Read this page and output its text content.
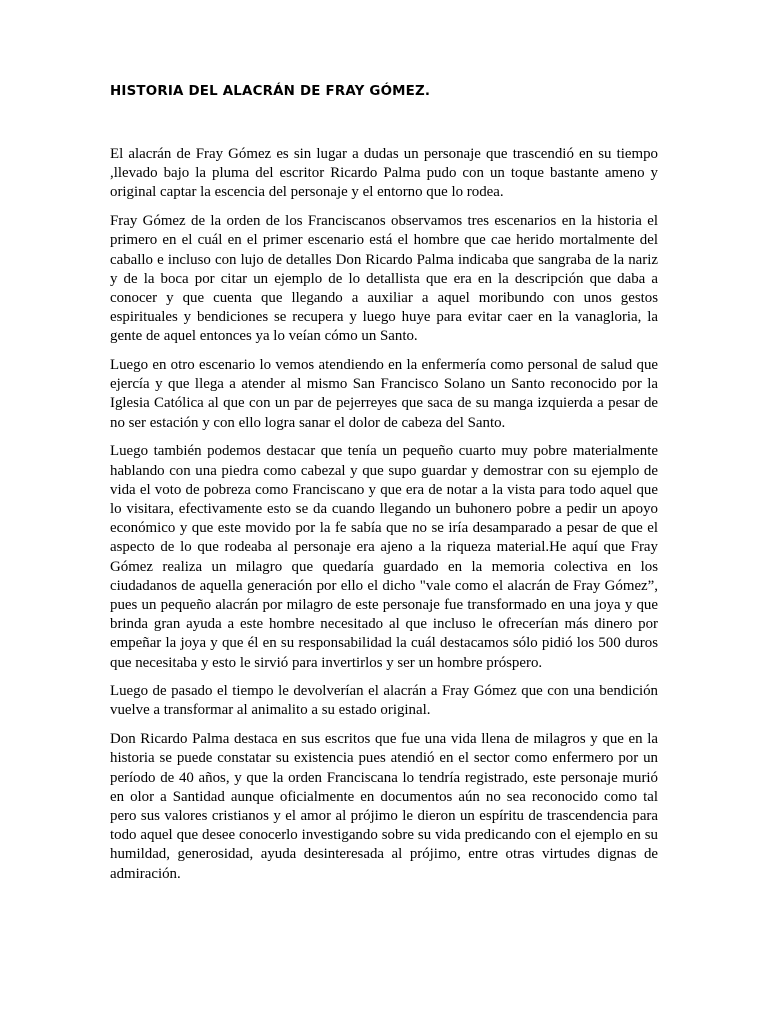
HISTORIA DEL ALACRÁN DE FRAY GÓMEZ.

El alacrán de Fray Gómez es sin lugar a dudas un personaje que trascendió en su tiempo ,llevado bajo la pluma del escritor Ricardo Palma pudo con un toque bastante ameno y original captar la escencia del personaje y el entorno que lo rodea.

Fray Gómez de la orden de los Franciscanos observamos tres escenarios en la historia el primero en el cuál en el primer escenario está el hombre que cae herido mortalmente del caballo e incluso con lujo de detalles Don Ricardo Palma indicaba que sangraba de la nariz y de la boca por citar un ejemplo de lo detallista que era en la descripción que daba a conocer y que cuenta que llegando a auxiliar a aquel moribundo con unos gestos espirituales y bendiciones se recupera y luego huye para evitar caer en la vanagloria, la gente de aquel entonces ya lo veían cómo un Santo.

Luego en otro escenario lo vemos atendiendo en la enfermería como personal de salud que ejercía y que llega a atender al mismo San Francisco Solano un Santo reconocido por la Iglesia Católica al que con un par de pejerreyes que saca de su manga izquierda a pesar de no ser estación y con ello logra sanar el dolor de cabeza del Santo.

Luego también podemos destacar que tenía un pequeño cuarto muy pobre materialmente hablando con una piedra como cabezal y que supo guardar y demostrar con su ejemplo de vida el voto de pobreza como Franciscano y que era de notar a la vista para todo aquel que lo visitara, efectivamente esto se da cuando llegando un buhonero pobre a pedir un apoyo económico y que este movido por la fe sabía que no se iría desamparado a pesar de que el aspecto de lo que rodeaba al personaje era ajeno a la riqueza material.He aquí que Fray Gómez realiza un milagro que quedaría guardado en la memoria colectiva en los ciudadanos de aquella generación por ello el dicho "vale como el alacrán de Fray Gómez”, pues un pequeño alacrán por milagro de este personaje fue transformado en una joya y que brinda gran ayuda a este hombre necesitado al que incluso le ofrecerían más dinero por empeñar la joya y que él en su responsabilidad la cuál destacamos sólo pidió los 500 duros que necesitaba y esto le sirvió para invertirlos y ser un hombre próspero.

Luego de pasado el tiempo le devolverían el alacrán a Fray Gómez que con una bendición vuelve a transformar al animalito a su estado original.

Don Ricardo Palma destaca en sus escritos que fue una vida llena de milagros y que en la historia se puede constatar su existencia pues atendió en el sector como enfermero por un período de 40 años, y que la orden Franciscana lo tendría registrado, este personaje murió en olor a Santidad aunque oficialmente en documentos aún no sea reconocido como tal pero sus valores cristianos y el amor al prójimo le dieron un espíritu de trascendencia para todo aquel que desee conocerlo investigando sobre su vida predicando con el ejemplo en su humildad, generosidad, ayuda desinteresada al prójimo, entre otras virtudes dignas de admiración.
